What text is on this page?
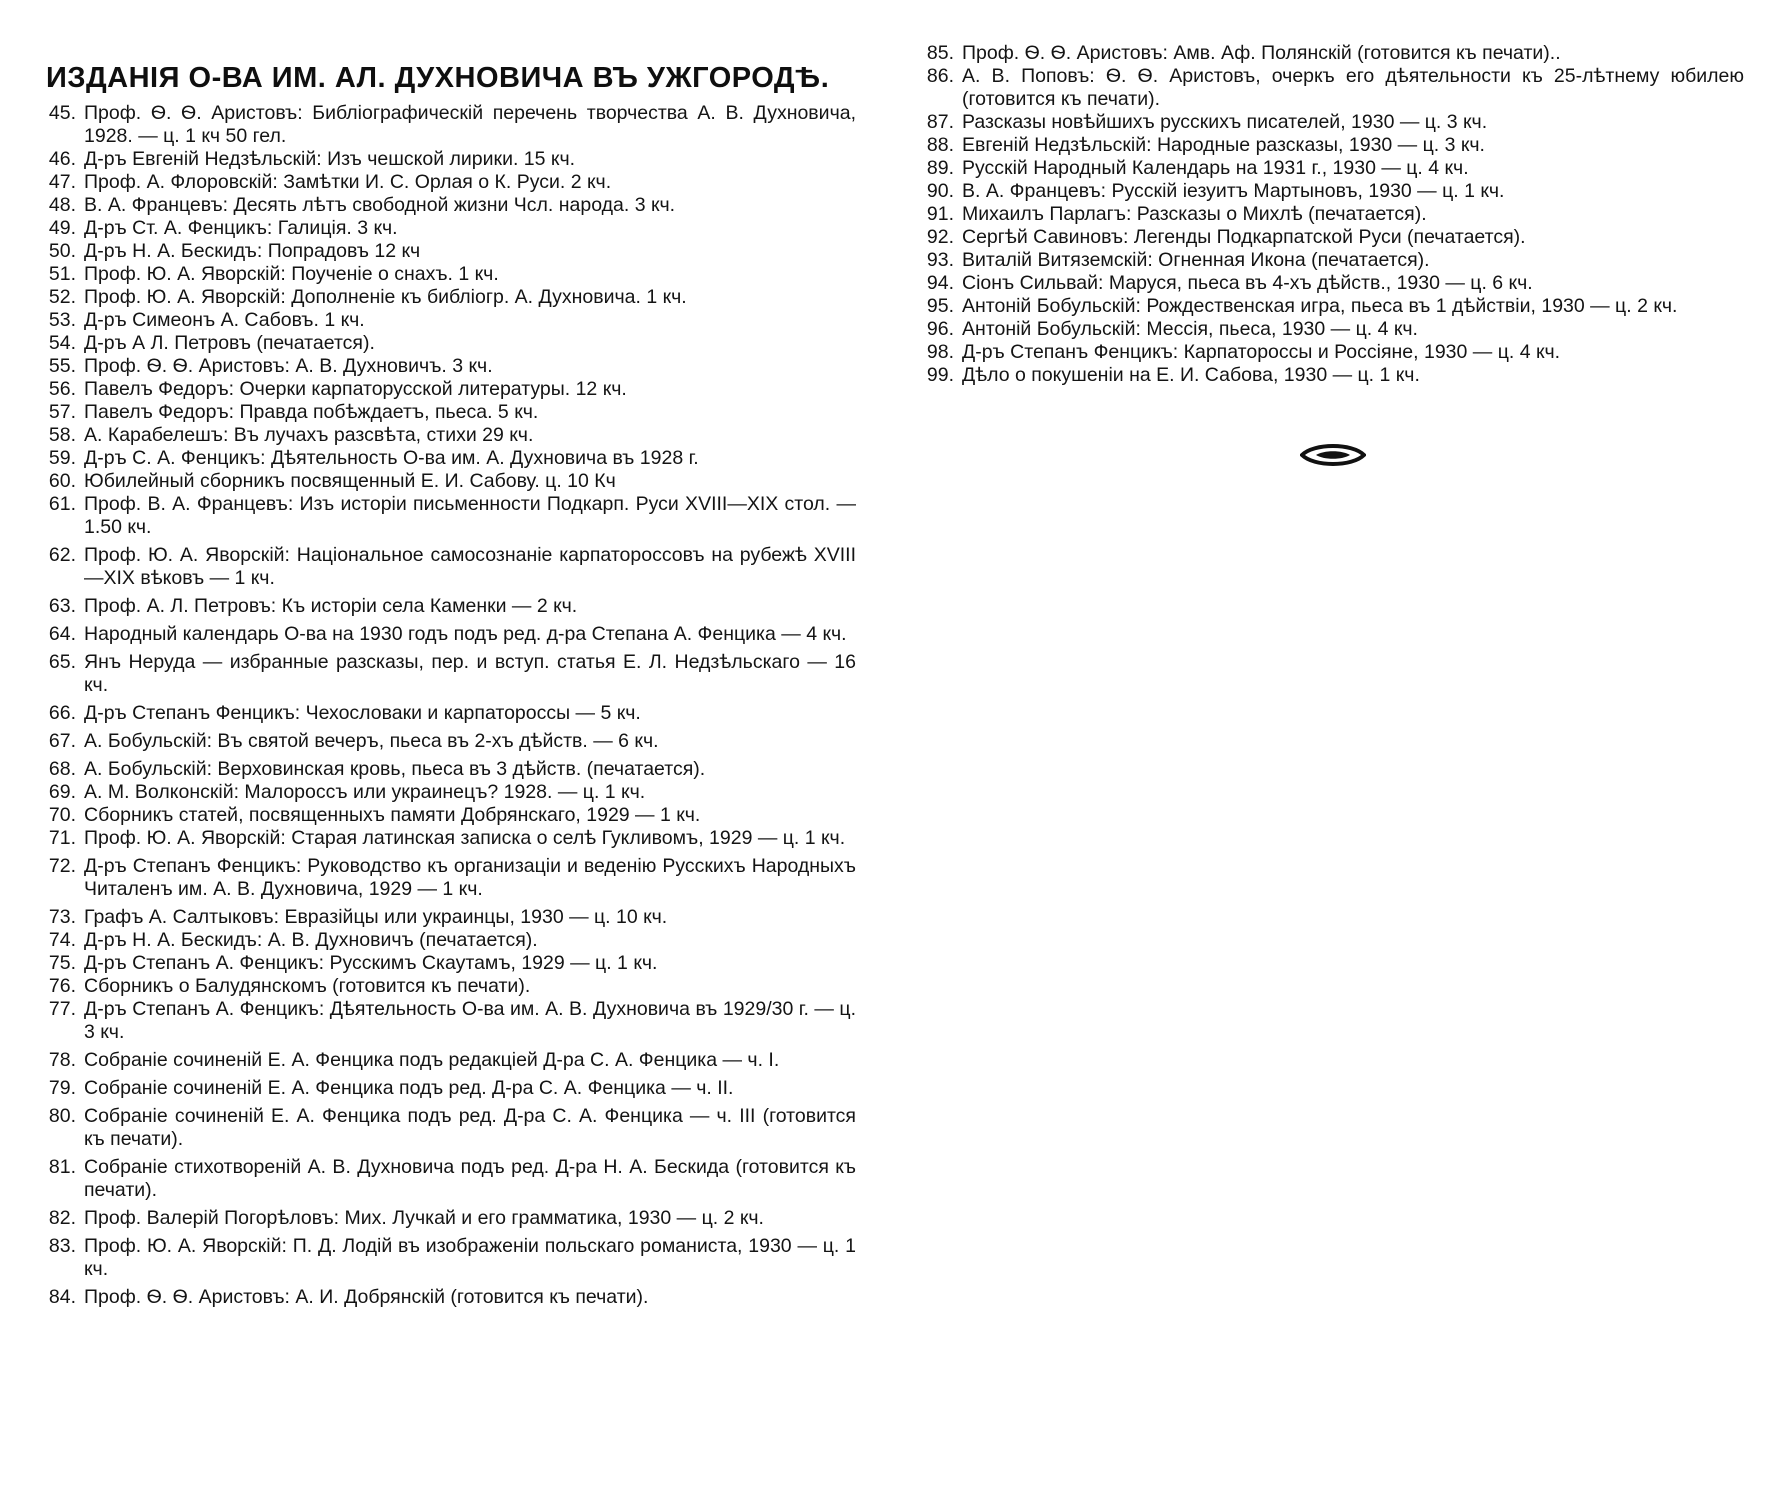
ИЗДАНІЯ О-ВА ИМ. АЛ. ДУХНОВИЧА ВЪ УЖГОРОДѢ.
45. Проф. Ѳ. Ѳ. Аристовъ: Библіографическій перечень творчества А. В. Духновича, 1928. — ц. 1 кч 50 гел.
46. Д-ръ Евгеній Недзѣльскій: Изъ чешской лирики. 15 кч.
47. Проф. А. Флоровскій: Замѣтки И. С. Орлая о К. Руси. 2 кч.
48. В. А. Францевъ: Десять лѣтъ свободной жизни Чсл. народа. 3 кч.
49. Д-ръ Ст. А. Фенцикъ: Галиція. 3 кч.
50. Д-ръ Н. А. Бескидъ: Попрадовъ 12 кч
51. Проф. Ю. А. Яворскій: Поученіе о снахъ. 1 кч.
52. Проф. Ю. А. Яворскій: Дополненіе къ библіогр. А. Духновича. 1 кч.
53. Д-ръ Симеонъ А. Сабовъ. 1 кч.
54. Д-ръ А Л. Петровъ (печатается).
55. Проф. Ѳ. Ѳ. Аристовъ: А. В. Духновичъ. 3 кч.
56. Павелъ Федоръ: Очерки карпаторусской литературы. 12 кч.
57. Павелъ Федоръ: Правда побѣждаетъ, пьеса. 5 кч.
58. А. Карабелешъ: Въ лучахъ разсвѣта, стихи 29 кч.
59. Д-ръ С. А. Фенцикъ: Дѣятельность О-ва им. А. Духновича въ 1928 г.
60. Юбилейный сборникъ посвященный Е. И. Сабову. ц. 10 Кч
61. Проф. В. А. Францевъ: Изъ исторіи письменности Подкарп. Руси XVIII—XIX стол. — 1.50 кч.
62. Проф. Ю. А. Яворскій: Національное самосознаніе карпатороссовъ на рубежѣ XVIII—XIX вѣковъ — 1 кч.
63. Проф. А. Л. Петровъ: Къ исторіи села Каменки — 2 кч.
64. Народный календарь О-ва на 1930 годъ подъ ред. д-ра Степана А. Фенцика — 4 кч.
65. Янъ Неруда — избранные разсказы, пер. и вступ. статья Е. Л. Недзѣльскаго — 16 кч.
66. Д-ръ Степанъ Фенцикъ: Чехословаки и карпатороссы — 5 кч.
67. А. Бобульскій: Въ святой вечеръ, пьеса въ 2-хъ дѣйств. — 6 кч.
68. А. Бобульскій: Верховинская кровь, пьеса въ 3 дѣйств. (печатается).
69. А. М. Волконскій: Малороссъ или украинецъ? 1928. — ц. 1 кч.
70. Сборникъ статей, посвященныхъ памяти Добрянскаго, 1929 — 1 кч.
71. Проф. Ю. А. Яворскій: Старая латинская записка о селѣ Гукливомъ, 1929 — ц. 1 кч.
72. Д-ръ Степанъ Фенцикъ: Руководство къ организаціи и веденію Русскихъ Народныхъ Читаленъ им. А. В. Духновича, 1929 — 1 кч.
73. Графъ А. Салтыковъ: Евразійцы или украинцы, 1930 — ц. 10 кч.
74. Д-ръ Н. А. Бескидъ: А. В. Духновичъ (печатается).
75. Д-ръ Степанъ А. Фенцикъ: Русскимъ Скаутамъ, 1929 — ц. 1 кч.
76. Сборникъ о Балудянскомъ (готовится къ печати).
77. Д-ръ Степанъ А. Фенцикъ: Дѣятельность О-ва им. А. В. Духновича въ 1929/30 г. — ц. 3 кч.
78. Собраніе сочиненій Е. А. Фенцика подъ редакціей Д-ра С. А. Фенцика — ч. I.
79. Собраніе сочиненій Е. А. Фенцика подъ ред. Д-ра С. А. Фенцика — ч. II.
80. Собраніе сочиненій Е. А. Фенцика подъ ред. Д-ра С. А. Фенцика — ч. III (готовится къ печати).
81. Собраніе стихотвореній А. В. Духновича подъ ред. Д-ра Н. А. Бескида (готовится къ печати).
82. Проф. Валерій Погорѣловъ: Мих. Лучкай и его грамматика, 1930 — ц. 2 кч.
83. Проф. Ю. А. Яворскій: П. Д. Лодій въ изображеніи польскаго романиста, 1930 — ц. 1 кч.
84. Проф. Ѳ. Ѳ. Аристовъ: А. И. Добрянскій (готовится къ печати).
85. Проф. Ѳ. Ѳ. Аристовъ: Амв. Аф. Полянскій (готовится къ печати)..
86. А. В. Поповъ: Ѳ. Ѳ. Аристовъ, очеркъ его дѣятельности къ 25-лѣтнему юбилею (готовится къ печати).
87. Разсказы новѣйшихъ русскихъ писателей, 1930 — ц. 3 кч.
88. Евгеній Недзѣльскій: Народные разсказы, 1930 — ц. 3 кч.
89. Русскій Народный Календарь на 1931 г., 1930 — ц. 4 кч.
90. В. А. Францевъ: Русскій іезуитъ Мартыновъ, 1930 — ц. 1 кч.
91. Михаилъ Парлагъ: Разсказы о Михлѣ (печатается).
92. Сергѣй Савиновъ: Легенды Подкарпатской Руси (печатается).
93. Виталій Витяземскій: Огненная Икона (печатается).
94. Сіонъ Сильвай: Маруся, пьеса въ 4-хъ дѣйств., 1930 — ц. 6 кч.
95. Антоній Бобульскій: Рождественская игра, пьеса въ 1 дѣйствіи, 1930 — ц. 2 кч.
96. Антоній Бобульскій: Мессія, пьеса, 1930 — ц. 4 кч.
98. Д-ръ Степанъ Фенцикъ: Карпатороссы и Россіяне, 1930 — ц. 4 кч.
99. Дѣло о покушеніи на Е. И. Сабова, 1930 — ц. 1 кч.
